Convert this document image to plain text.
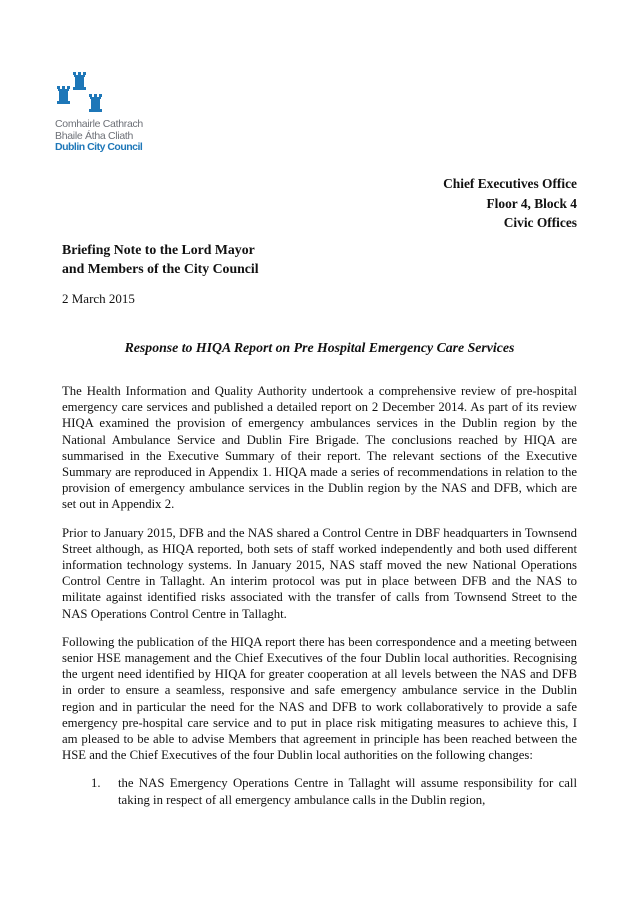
Comhairle Cathrach
Bhaile Átha Cliath
Dublin City Council
Chief Executives Office
Floor 4, Block 4
Civic Offices
Briefing Note to the Lord Mayor
and Members of the City Council
2 March 2015
Response to HIQA Report on Pre Hospital Emergency Care Services

The Health Information and Quality Authority undertook a comprehensive review of pre-hospital emergency care services and published a detailed report on 2 December 2014. As part of its review HIQA examined the provision of emergency ambulances services in the Dublin region by the National Ambulance Service and Dublin Fire Brigade. The conclusions reached by HIQA are summarised in the Executive Summary of their report. The relevant sections of the Executive Summary are reproduced in Appendix 1. HIQA made a series of recommendations in relation to the provision of emergency ambulance services in the Dublin region by the NAS and DFB, which are set out in Appendix 2.

Prior to January 2015, DFB and the NAS shared a Control Centre in DBF headquarters in Townsend Street although, as HIQA reported, both sets of staff worked independently and both used different information technology systems. In January 2015, NAS staff moved the new National Operations Control Centre in Tallaght. An interim protocol was put in place between DFB and the NAS to militate against identified risks associated with the transfer of calls from Townsend Street to the NAS Operations Control Centre in Tallaght.

Following the publication of the HIQA report there has been correspondence and a meeting between senior HSE management and the Chief Executives of the four Dublin local authorities. Recognising the urgent need identified by HIQA for greater cooperation at all levels between the NAS and DFB in order to ensure a seamless, responsive and safe emergency ambulance service in the Dublin region and in particular the need for the NAS and DFB to work collaboratively to provide a safe emergency pre-hospital care service and to put in place risk mitigating measures to achieve this, I am pleased to be able to advise Members that agreement in principle has been reached between the HSE and the Chief Executives of the four Dublin local authorities on the following changes:

1. the NAS Emergency Operations Centre in Tallaght will assume responsibility for call taking in respect of all emergency ambulance calls in the Dublin region,
